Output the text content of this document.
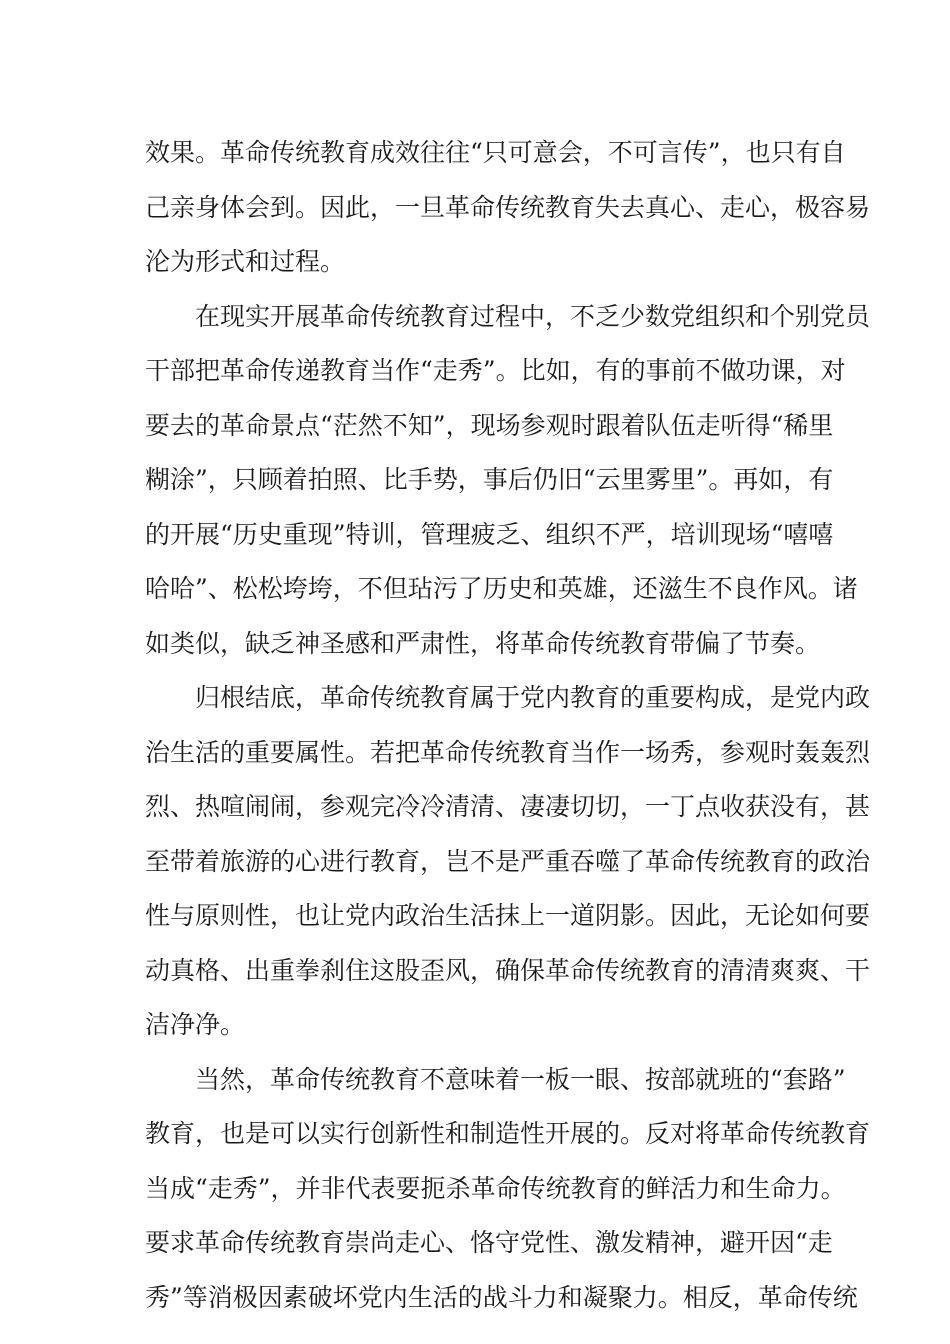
效果。革命传统教育成效往往“只可意会，不可言传”，也只有自
己亲身体会到。因此，一旦革命传统教育失去真心、走心，极容易
沦为形式和过程。
在现实开展革命传统教育过程中，不乏少数党组织和个别党员
干部把革命传递教育当作“走秀”。比如，有的事前不做功课，对
要去的革命景点“茫然不知”，现场参观时跟着队伍走听得“稀里
糊涂”，只顾着拍照、比手势，事后仍旧“云里雾里”。再如，有
的开展“历史重现”特训，管理疲乏、组织不严，培训现场“嘻嘻
哈哈”、松松垮垮，不但玷污了历史和英雄，还滋生不良作风。诸
如类似，缺乏神圣感和严肃性，将革命传统教育带偏了节奏。
归根结底，革命传统教育属于党内教育的重要构成，是党内政
治生活的重要属性。若把革命传统教育当作一场秀，参观时轰轰烈
烈、热喧闹闹，参观完冷冷清清、凄凄切切，一丁点收获没有，甚
至带着旅游的心进行教育，岂不是严重吞噬了革命传统教育的政治
性与原则性，也让党内政治生活抹上一道阴影。因此，无论如何要
动真格、出重拳刹住这股歪风，确保革命传统教育的清清爽爽、干
洁净净。
当然，革命传统教育不意味着一板一眼、按部就班的“套路”
教育，也是可以实行创新性和制造性开展的。反对将革命传统教育
当成“走秀”，并非代表要扼杀革命传统教育的鲜活力和生命力。
要求革命传统教育崇尚走心、恪守党性、激发精神，避开因“走
秀”等消极因素破坏党内生活的战斗力和凝聚力。相反，革命传统
